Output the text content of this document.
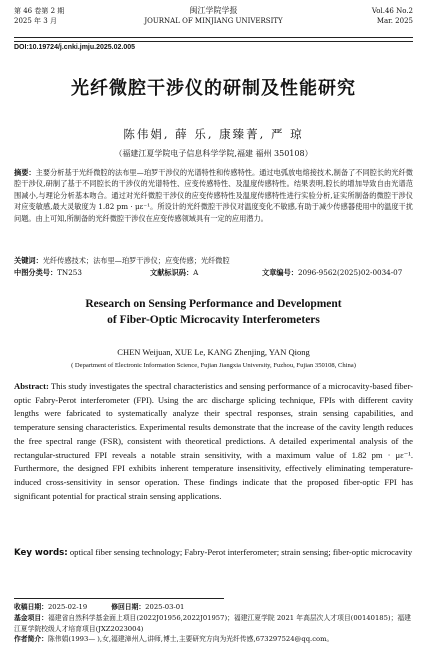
第 46 卷第 2 期
2025 年 3 月
闽江学院学报
JOURNAL OF MINJIANG UNIVERSITY
Vol.46 No.2
Mar. 2025
DOI:10.19724/j.cnki.jmju.2025.02.005
光纤微腔干涉仪的研制及性能研究
陈伟娟, 薛 乐, 康臻菁, 严 琼
（福建江夏学院电子信息科学学院,福建 福州 350108）
摘要：主要分析基于光纤微腔的法布里—珀罗干涉仪的光谱特性和传感特性。通过电弧放电熔接技术,制备了不同腔长的光纤微腔干涉仪,研制了基于不同腔长的干涉仪的光谱特性、应变传感特性、及温度传感特性。结果表明,腔长的增加导致自由光谱范围减小,与理论分析基本吻合。通过对光纤微腔干涉仪的应变传感特性及温度传感特性进行实验分析,证实所制备的微腔干涉仪对应变敏感,最大灵敏度为 1.82 pm · με⁻¹。所设计的光纤微腔干涉仪对温度变化不敏感,有助于减少传感器使用中的温度干扰问题。由上可知,所制备的光纤微腔干涉仪在应变传感领域具有一定的应用潜力。
关键词：光纤传感技术；法布里—珀罗干涉仪；应变传感；光纤微腔
中图分类号：TN253	文献标识码：A	文章编号：2096-9562(2025)02-0034-07
Research on Sensing Performance and Development
of Fiber-Optic Microcavity Interferometers
CHEN Weijuan, XUE Le, KANG Zhenjing, YAN Qiong
( Department of Electronic Information Science, Fujian Jiangxia University, Fuzhou, Fujian 350108, China)
Abstract: This study investigates the spectral characteristics and sensing performance of a microcavity-based fiber-optic Fabry-Perot interferometer (FPI). Using the arc discharge splicing technique, FPIs with different cavity lengths were fabricated to systematically analyze their spectral responses, strain sensing capabilities, and temperature sensing characteristics. Experimental results demonstrate that the increase of the cavity length reduces the free spectral range (FSR), consistent with theoretical predictions. A detailed experimental analysis of the rectangular-structured FPI reveals a notable strain sensitivity, with a maximum value of 1.82 pm · με⁻¹. Furthermore, the designed FPI exhibits inherent temperature insensitivity, effectively eliminating temperature-induced cross-sensitivity in sensor operation. These findings indicate that the proposed fiber-optic FPI has significant potential for practical strain sensing applications.
Key words: optical fiber sensing technology; Fabry-Perot interferometer; strain sensing; fiber-optic microcavity
收稿日期：2025-02-19	修回日期：2025-03-01
基金项目：福建省自然科学基金面上项目(2022J01956,2022J01957)；福建江夏学院 2021 年高层次人才项目(00140185)；福建江夏学院校级人才培育项目(JXZ2023004)
作者简介：陈伟娟(1993— ),女,福建漳州人,讲师,博士,主要研究方向为光纤传感,673297524@qq.com。
